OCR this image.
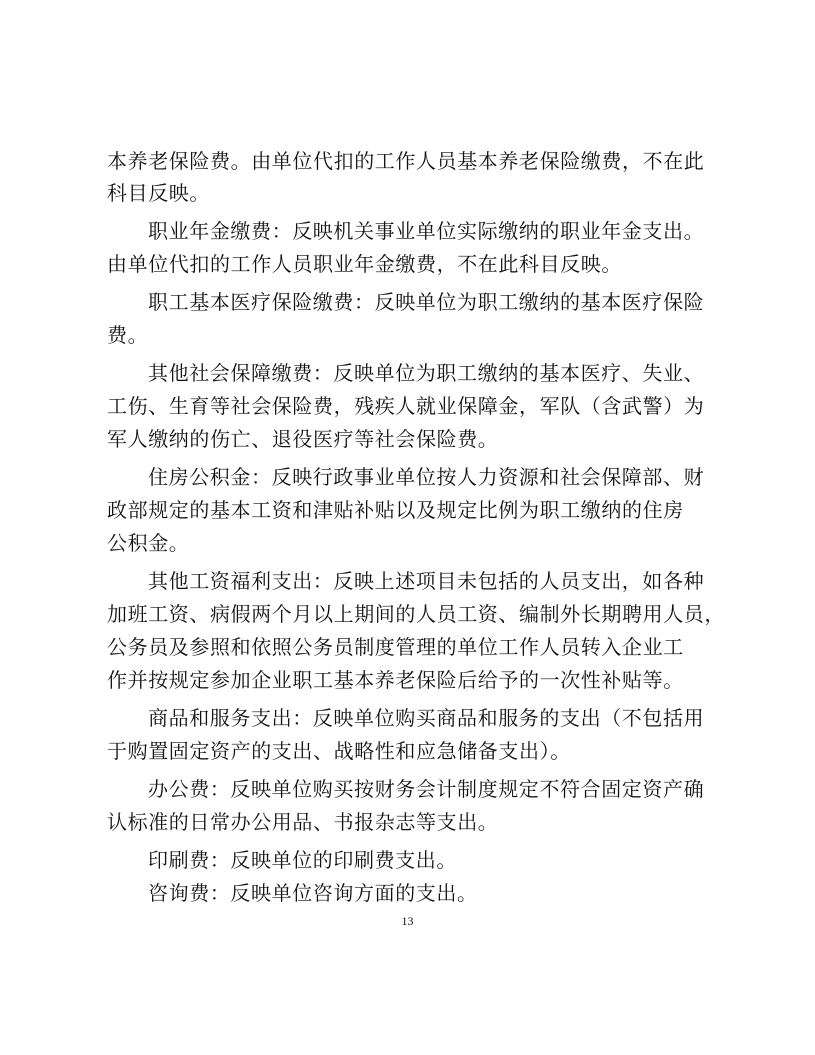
本养老保险费。由单位代扣的工作人员基本养老保险缴费，不在此
科目反映。
职业年金缴费：反映机关事业单位实际缴纳的职业年金支出。
由单位代扣的工作人员职业年金缴费，不在此科目反映。
职工基本医疗保险缴费：反映单位为职工缴纳的基本医疗保险
费。
其他社会保障缴费：反映单位为职工缴纳的基本医疗、失业、
工伤、生育等社会保险费，残疾人就业保障金，军队（含武警）为
军人缴纳的伤亡、退役医疗等社会保险费。
住房公积金：反映行政事业单位按人力资源和社会保障部、财
政部规定的基本工资和津贴补贴以及规定比例为职工缴纳的住房
公积金。
其他工资福利支出：反映上述项目未包括的人员支出，如各种
加班工资、病假两个月以上期间的人员工资、编制外长期聘用人员，
公务员及参照和依照公务员制度管理的单位工作人员转入企业工
作并按规定参加企业职工基本养老保险后给予的一次性补贴等。
商品和服务支出：反映单位购买商品和服务的支出（不包括用
于购置固定资产的支出、战略性和应急储备支出）。
办公费：反映单位购买按财务会计制度规定不符合固定资产确
认标准的日常办公用品、书报杂志等支出。
印刷费：反映单位的印刷费支出。
咨询费：反映单位咨询方面的支出。
13
